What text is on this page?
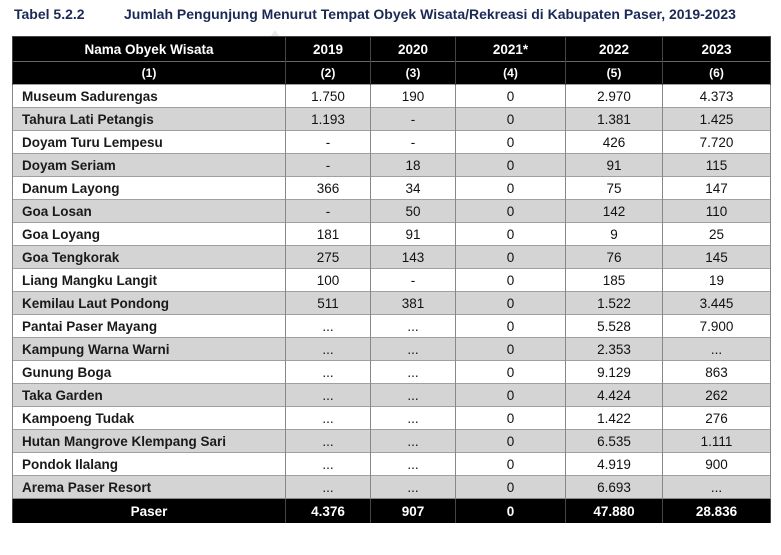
Tabel 5.2.2	Jumlah Pengunjung Menurut Tempat Obyek Wisata/Rekreasi di Kabupaten Paser, 2019-2023
Nama Obyek Wisata	2019	2020	2021*	2022	2023
(1)	(2)	(3)	(4)	(5)	(6)
Museum Sadurengas	1.750	190	0	2.970	4.373
Tahura Lati Petangis	1.193	-	0	1.381	1.425
Doyam Turu Lempesu	-	-	0	426	7.720
Doyam Seriam	-	18	0	91	115
Danum Layong	366	34	0	75	147
Goa Losan	-	50	0	142	110
Goa Loyang	181	91	0	9	25
Goa Tengkorak	275	143	0	76	145
Liang Mangku Langit	100	-	0	185	19
Kemilau Laut Pondong	511	381	0	1.522	3.445
Pantai Paser Mayang	...	...	0	5.528	7.900
Kampung Warna Warni	...	...	0	2.353	...
Gunung Boga	...	...	0	9.129	863
Taka Garden	...	...	0	4.424	262
Kampoeng Tudak	...	...	0	1.422	276
Hutan Mangrove Klempang Sari	...	...	0	6.535	1.111
Pondok Ilalang	...	...	0	4.919	900
Arema Paser Resort	...	...	0	6.693	...
Paser	4.376	907	0	47.880	28.836
